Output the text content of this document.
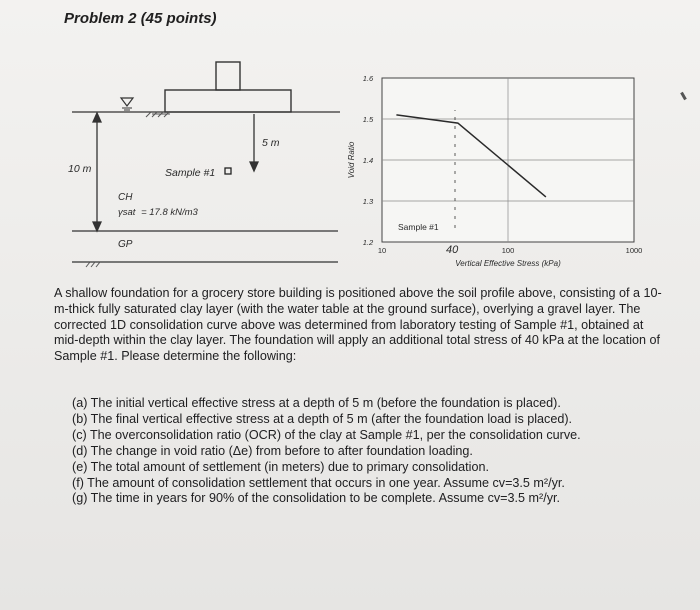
Problem 2 (45 points)
10 m
5 m
Sample #1
CH
γsat = 17.8 kN/m3
GP
1.6
1.5
1.4
1.3
1.2
10	100	1000
Void Ratio
Vertical Effective Stress (kPa)
Sample #1
40
A shallow foundation for a grocery store building is positioned above the soil profile above, consisting of a 10-m-thick fully saturated clay layer (with the water table at the ground surface), overlying a gravel layer. The corrected 1D consolidation curve above was determined from laboratory testing of Sample #1, obtained at mid-depth within the clay layer. The foundation will apply an additional total stress of 40 kPa at the location of Sample #1. Please determine the following:
(a) The initial vertical effective stress at a depth of 5 m (before the foundation is placed).
(b) The final vertical effective stress at a depth of 5 m (after the foundation load is placed).
(c) The overconsolidation ratio (OCR) of the clay at Sample #1, per the consolidation curve.
(d) The change in void ratio (Δe) from before to after foundation loading.
(e) The total amount of settlement (in meters) due to primary consolidation.
(f) The amount of consolidation settlement that occurs in one year. Assume cv=3.5 m²/yr.
(g) The time in years for 90% of the consolidation to be complete. Assume cv=3.5 m²/yr.
